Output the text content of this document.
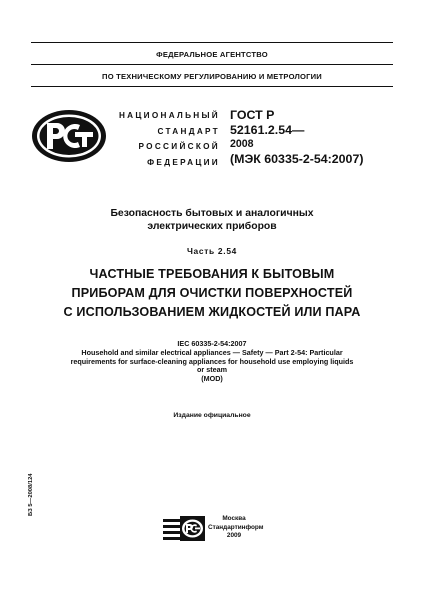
ФЕДЕРАЛЬНОЕ АГЕНТСТВО
ПО ТЕХНИЧЕСКОМУ РЕГУЛИРОВАНИЮ И МЕТРОЛОГИИ
НАЦИОНАЛЬНЫЙ
СТАНДАРТ
РОССИЙСКОЙ
ФЕДЕРАЦИИ
ГОСТ Р
52161.2.54—
2008
(МЭК 60335-2-54:2007)
Безопасность бытовых и аналогичных
электрических приборов
Часть 2.54
ЧАСТНЫЕ ТРЕБОВАНИЯ К БЫТОВЫМ
ПРИБОРАМ ДЛЯ ОЧИСТКИ ПОВЕРХНОСТЕЙ
С ИСПОЛЬЗОВАНИЕМ ЖИДКОСТЕЙ ИЛИ ПАРА
IEC 60335-2-54:2007
Household and similar electrical appliances — Safety — Part 2-54: Particular
requirements for surface-cleaning appliances for household use employing liquids
or steam
(MOD)
Издание официальное
БЗ 5—2008/124
Москва
Стандартинформ
2009
